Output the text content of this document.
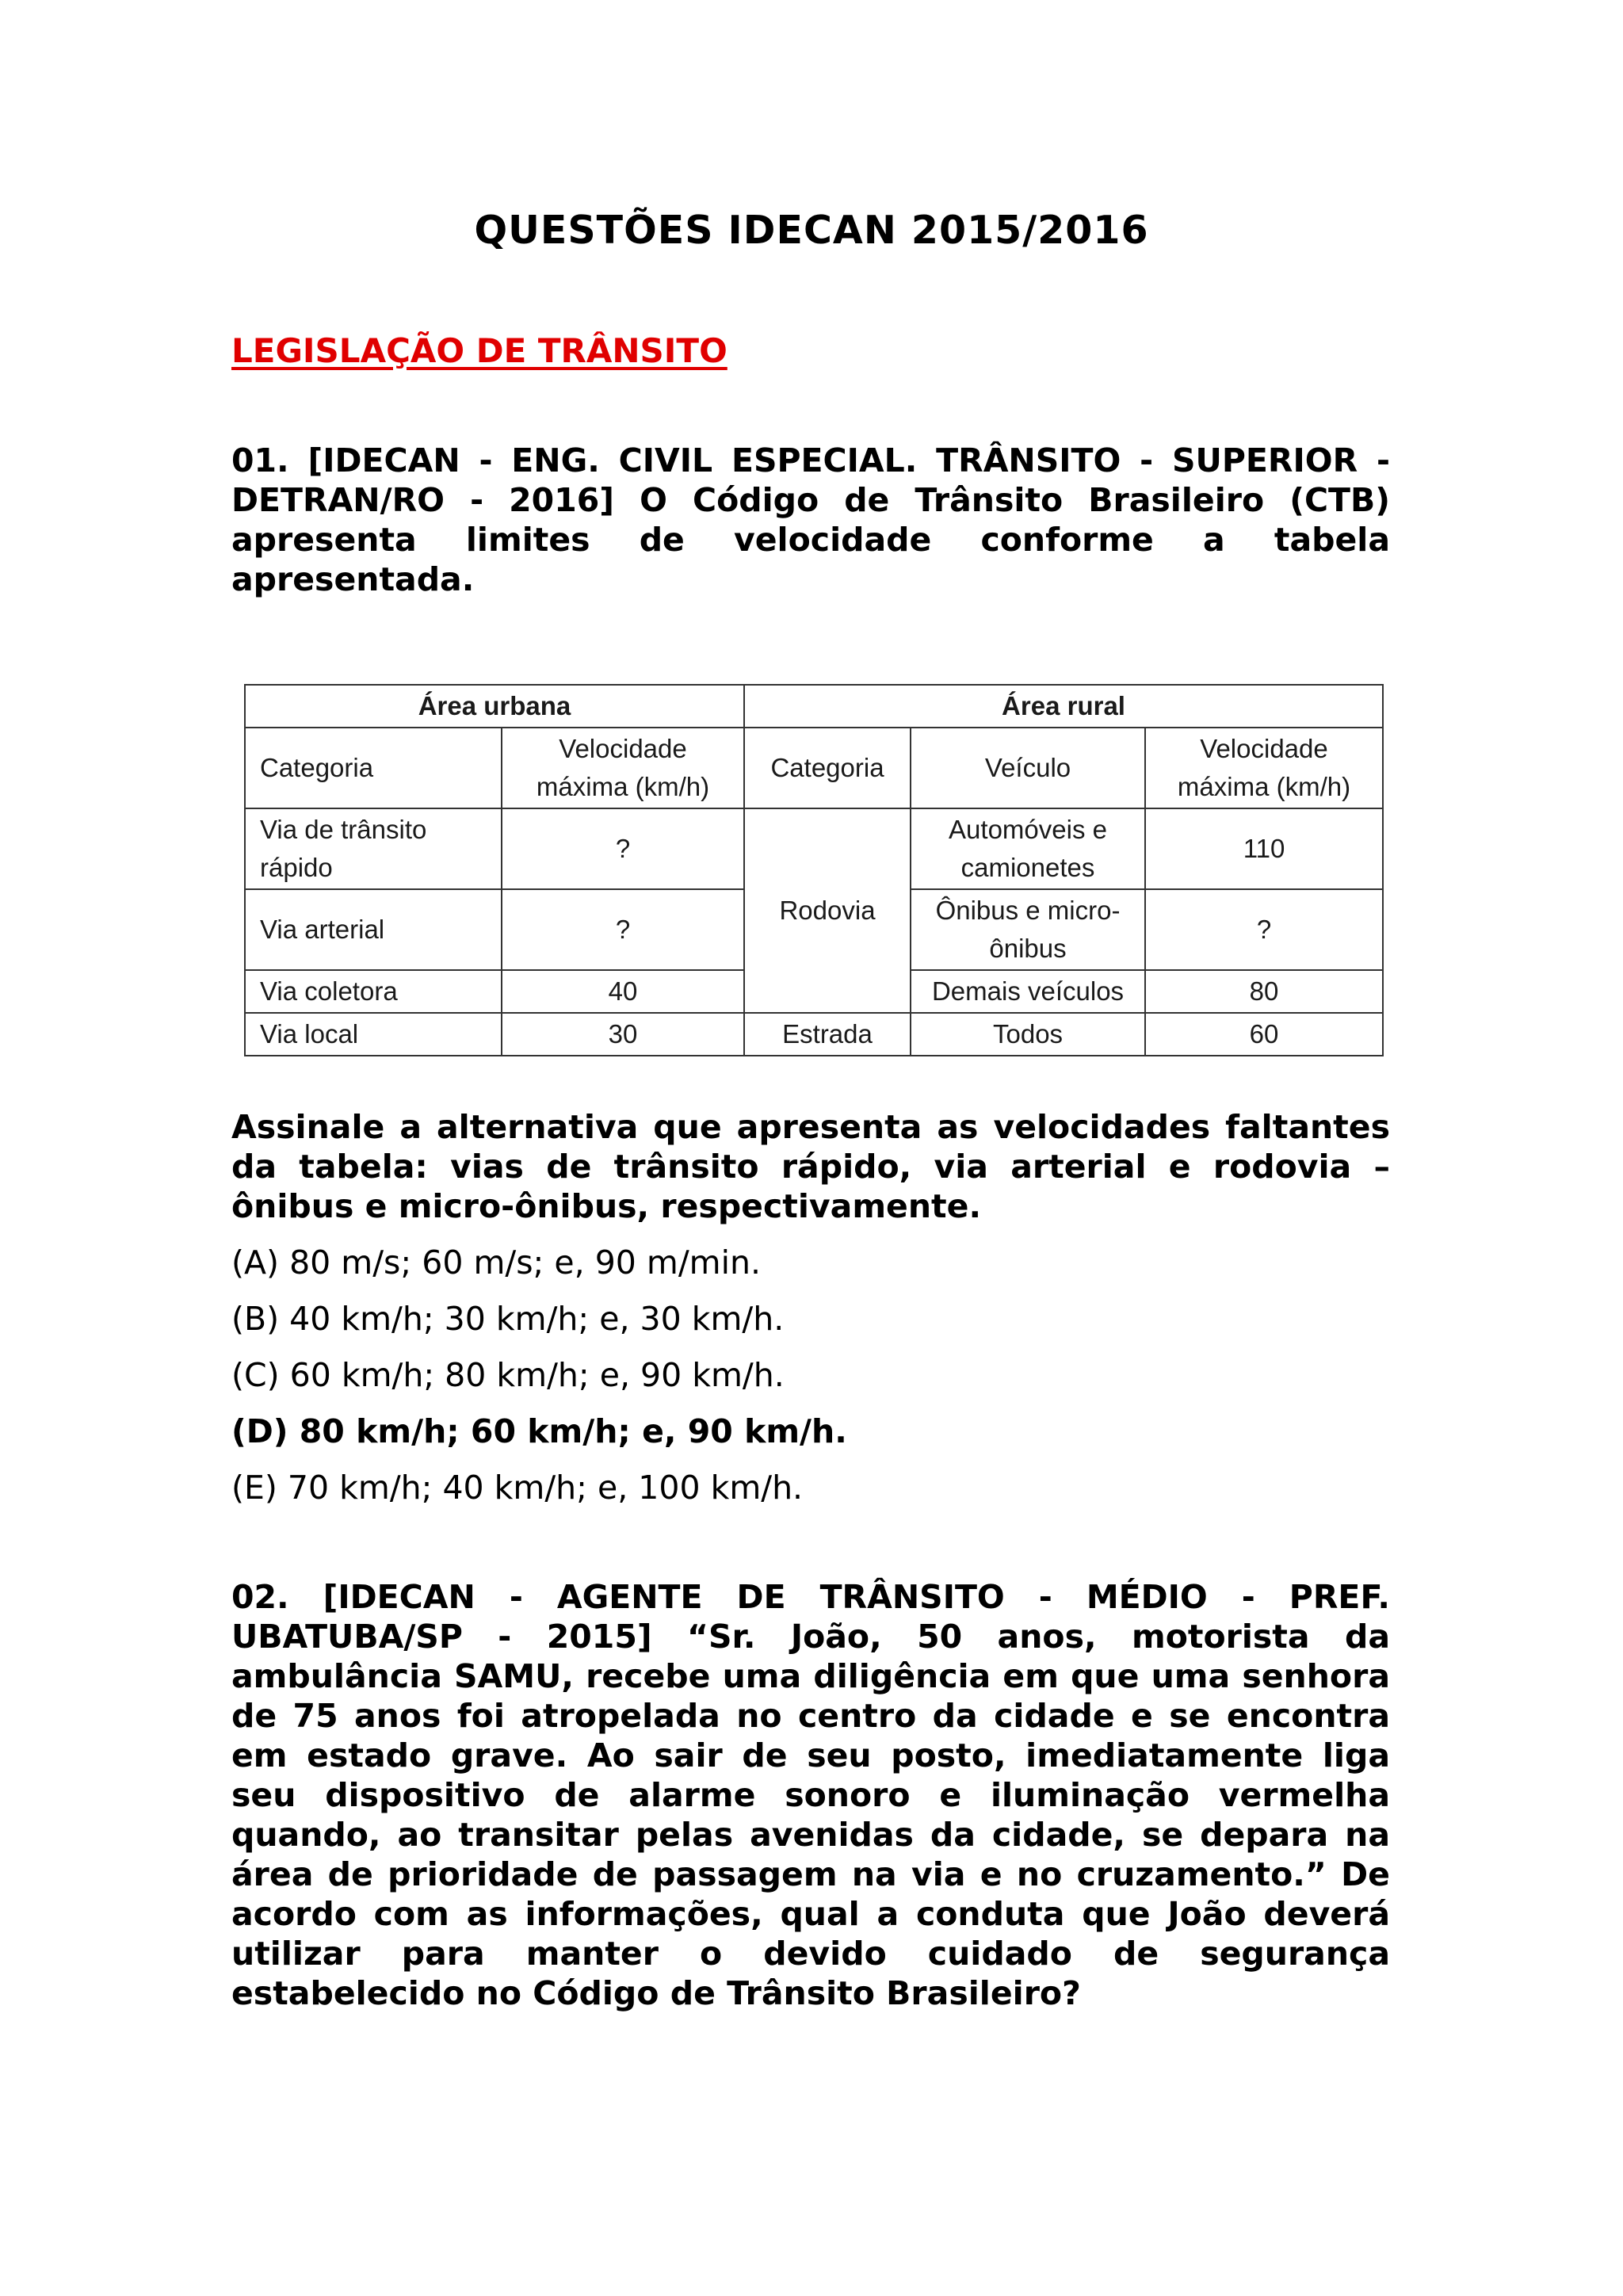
QUESTÕES IDECAN 2015/2016
LEGISLAÇÃO DE TRÂNSITO

01. [IDECAN - ENG. CIVIL ESPECIAL. TRÂNSITO - SUPERIOR - DETRAN/RO - 2016] O Código de Trânsito Brasileiro (CTB) apresenta limites de velocidade conforme a tabela apresentada.

Área urbana		Área rural		
Categoria	Velocidade máxima (km/h)	Categoria	Veículo	Velocidade máxima (km/h)
Via de trânsito rápido	?	Rodovia	Automóveis e camionetes	110
Via arterial	?		Ônibus e micro-ônibus	?
Via coletora	40		Demais veículos	80
Via local	30	Estrada	Todos	60

Assinale a alternativa que apresenta as velocidades faltantes da tabela: vias de trânsito rápido, via arterial e rodovia – ônibus e micro-ônibus, respectivamente.

(A) 80 m/s; 60 m/s; e, 90 m/min.
(B) 40 km/h; 30 km/h; e, 30 km/h.
(C) 60 km/h; 80 km/h; e, 90 km/h.
(D) 80 km/h; 60 km/h; e, 90 km/h.
(E) 70 km/h; 40 km/h; e, 100 km/h.

02. [IDECAN - AGENTE DE TRÂNSITO - MÉDIO - PREF. UBATUBA/SP - 2015] “Sr. João, 50 anos, motorista da ambulância SAMU, recebe uma diligência em que uma senhora de 75 anos foi atropelada no centro da cidade e se encontra em estado grave. Ao sair de seu posto, imediatamente liga seu dispositivo de alarme sonoro e iluminação vermelha quando, ao transitar pelas avenidas da cidade, se depara na área de prioridade de passagem na via e no cruzamento.” De acordo com as informações, qual a conduta que João deverá utilizar para manter o devido cuidado de segurança estabelecido no Código de Trânsito Brasileiro?
